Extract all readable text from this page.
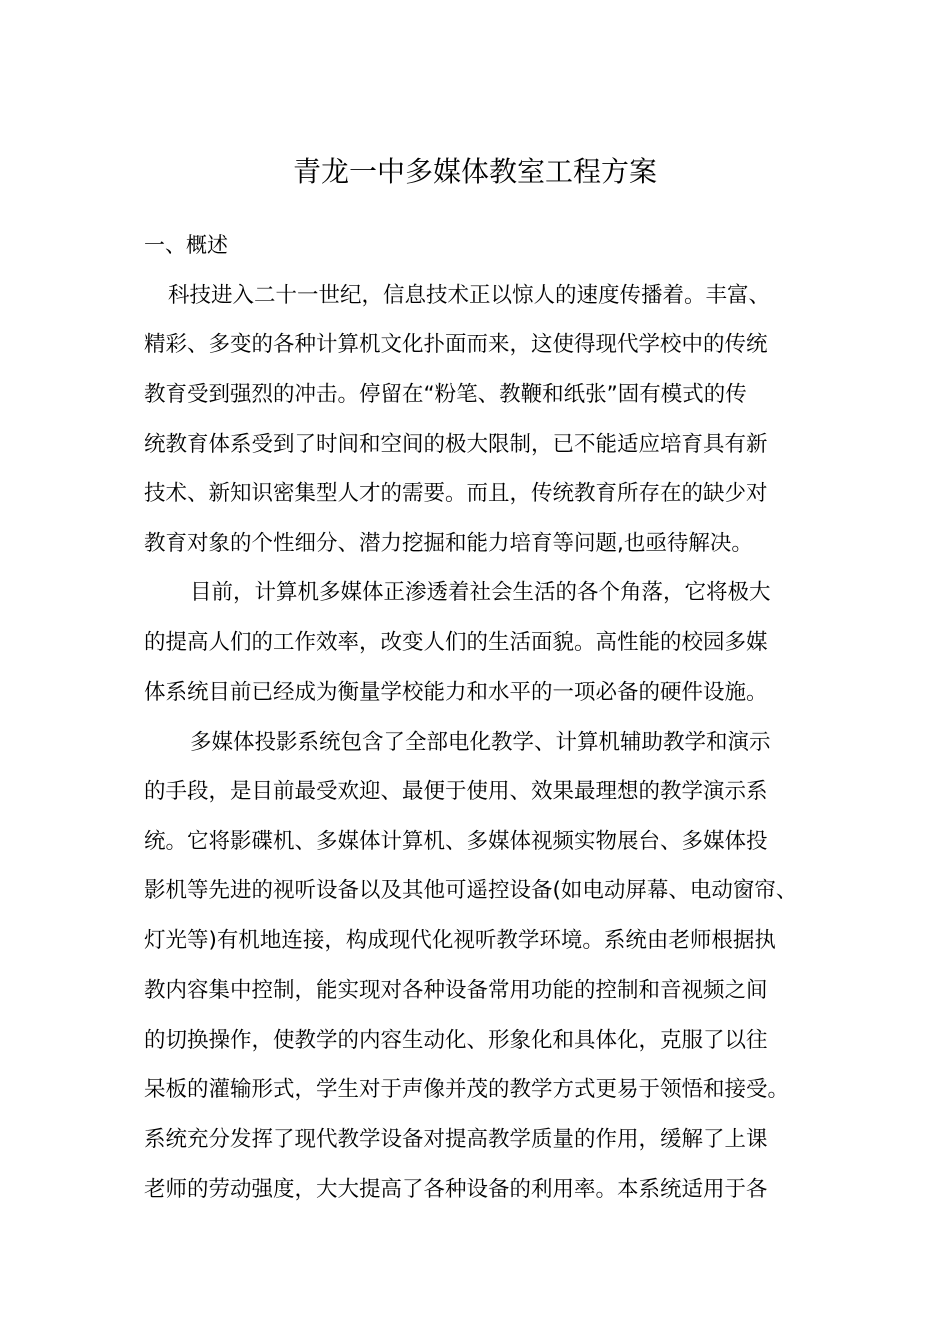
青龙一中多媒体教室工程方案
一、概述
科技进入二十一世纪，信息技术正以惊人的速度传播着。丰富、
精彩、多变的各种计算机文化扑面而来，这使得现代学校中的传统
教育受到强烈的冲击。停留在“粉笔、教鞭和纸张”固有模式的传
统教育体系受到了时间和空间的极大限制，已不能适应培育具有新
技术、新知识密集型人才的需要。而且，传统教育所存在的缺少对
教育对象的个性细分、潜力挖掘和能力培育等问题,也亟待解决。
目前，计算机多媒体正渗透着社会生活的各个角落，它将极大
的提高人们的工作效率，改变人们的生活面貌。高性能的校园多媒
体系统目前已经成为衡量学校能力和水平的一项必备的硬件设施。
多媒体投影系统包含了全部电化教学、计算机辅助教学和演示
的手段，是目前最受欢迎、最便于使用、效果最理想的教学演示系
统。它将影碟机、多媒体计算机、多媒体视频实物展台、多媒体投
影机等先进的视听设备以及其他可遥控设备(如电动屏幕、电动窗帘、
灯光等)有机地连接，构成现代化视听教学环境。系统由老师根据执
教内容集中控制，能实现对各种设备常用功能的控制和音视频之间
的切换操作，使教学的内容生动化、形象化和具体化，克服了以往
呆板的灌输形式，学生对于声像并茂的教学方式更易于领悟和接受。
系统充分发挥了现代教学设备对提高教学质量的作用，缓解了上课
老师的劳动强度，大大提高了各种设备的利用率。本系统适用于各
